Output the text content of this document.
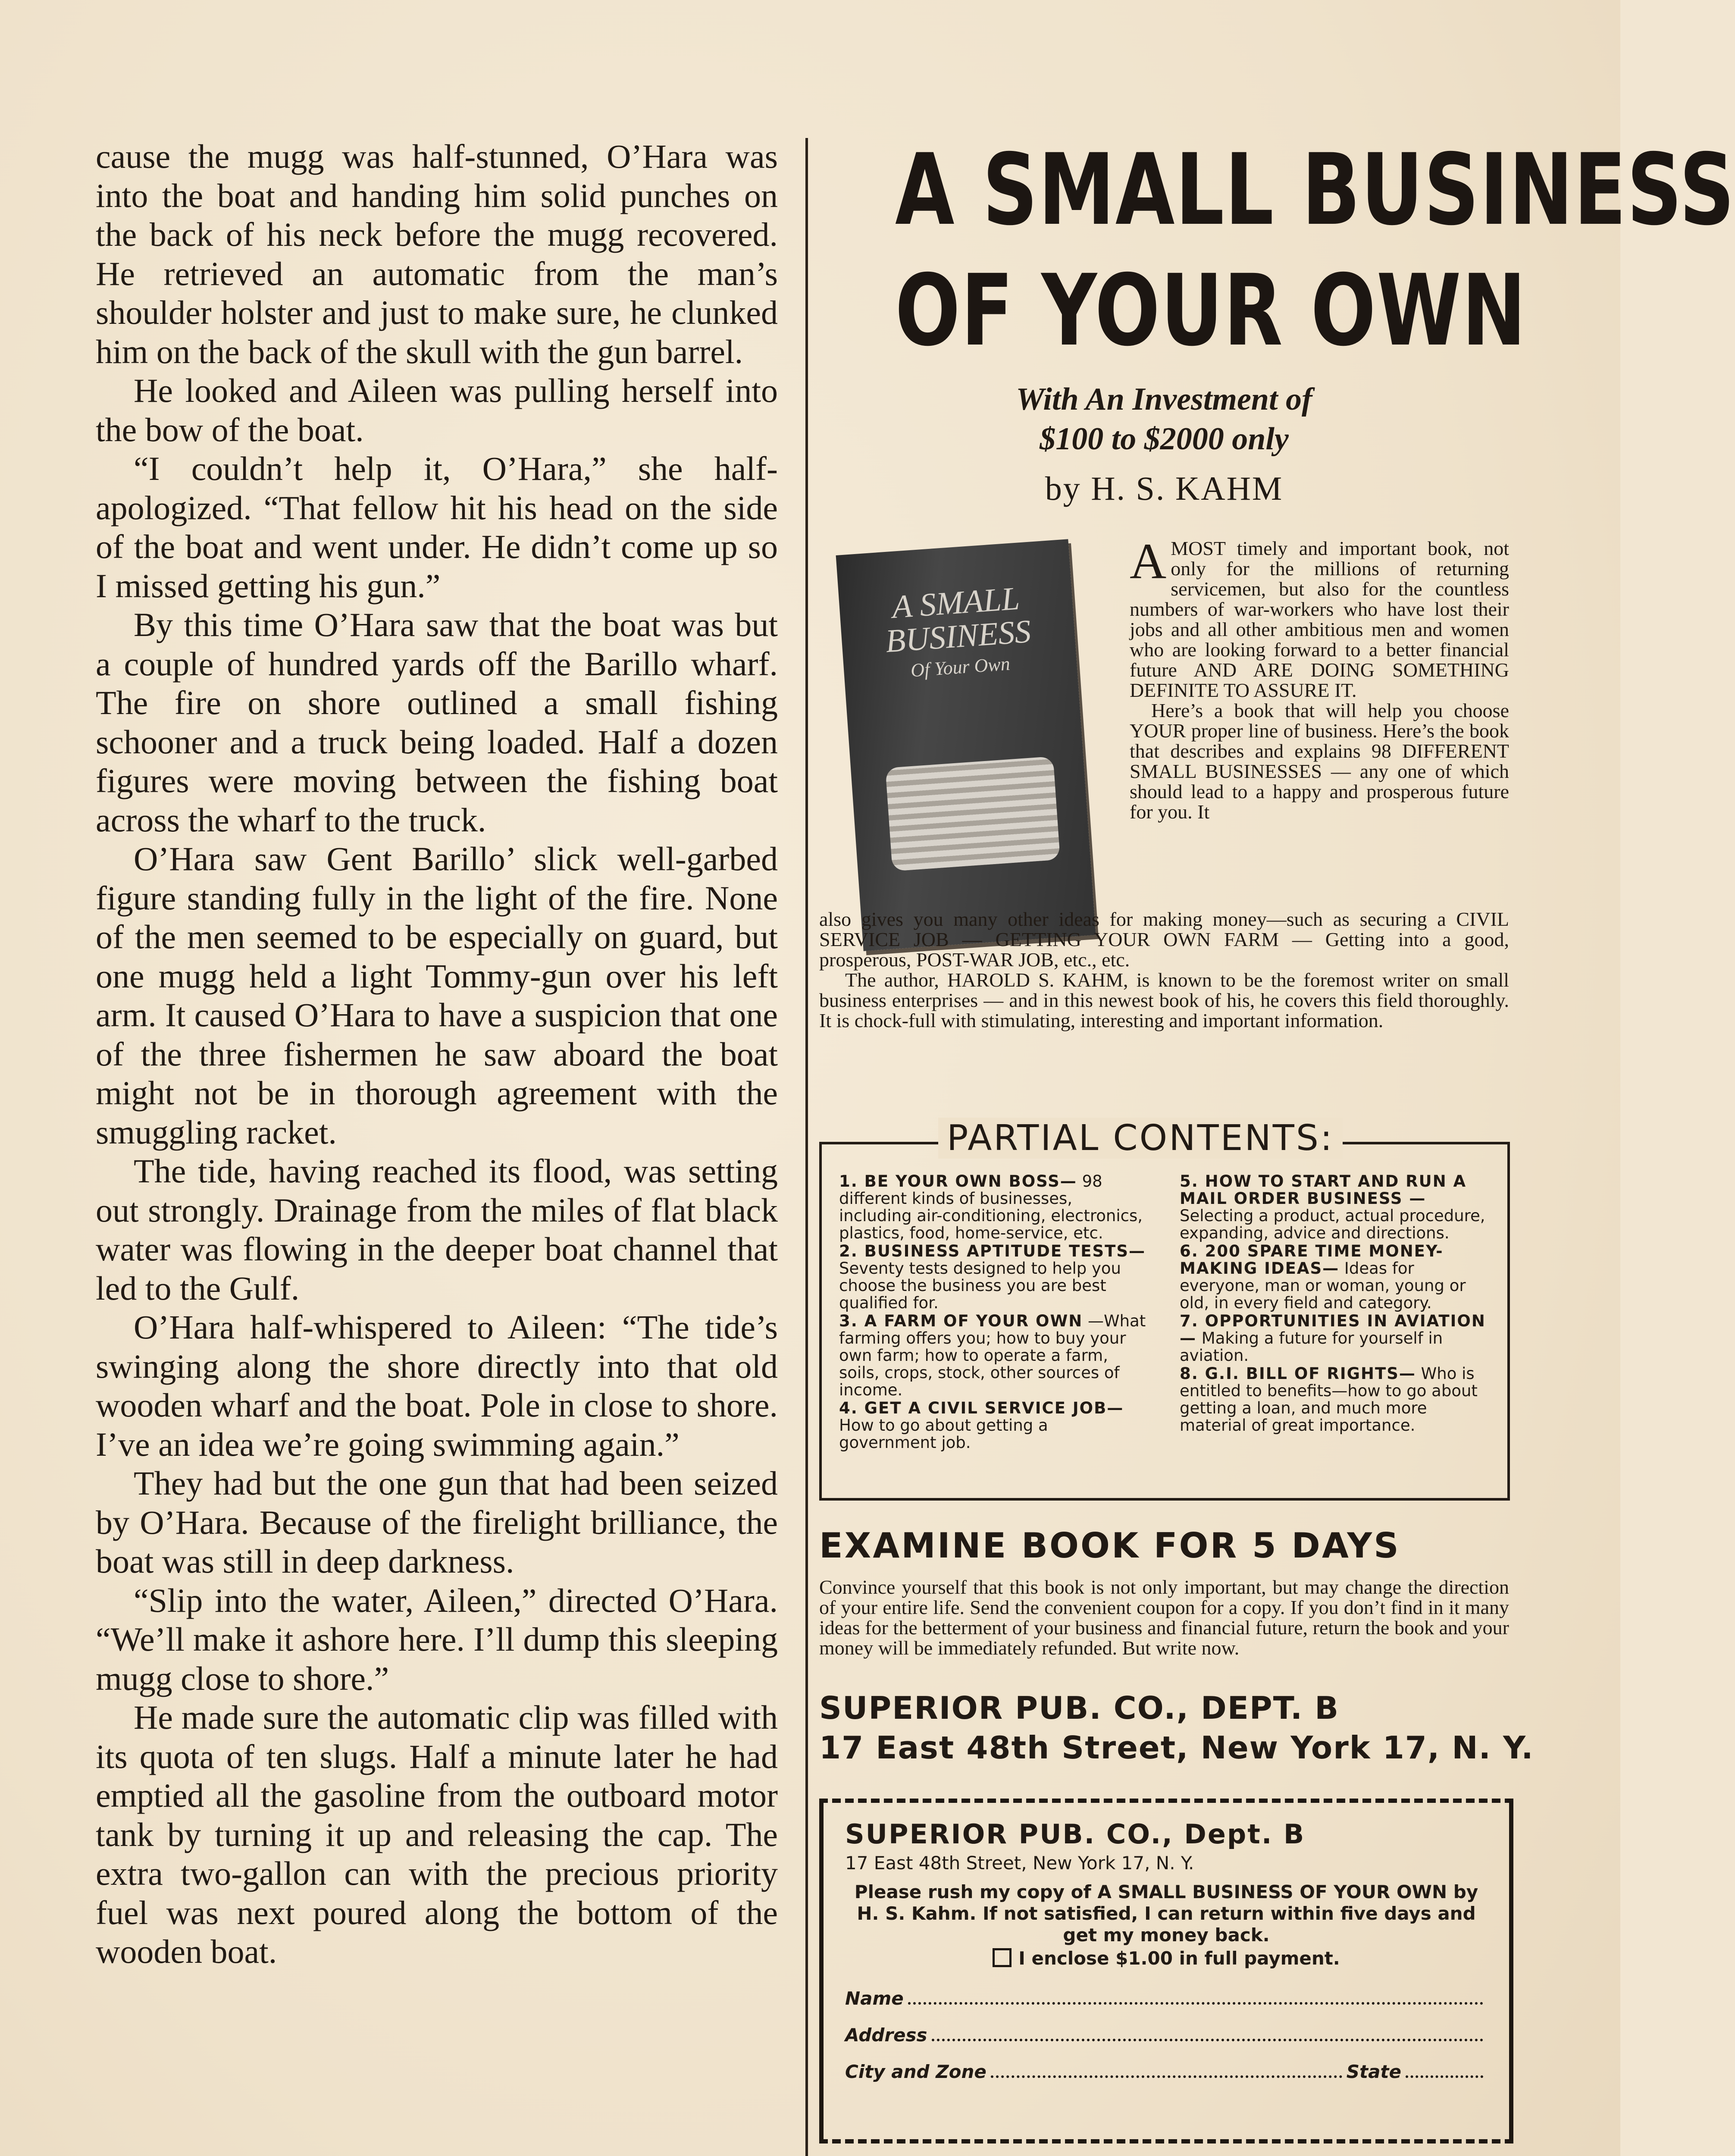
cause the mugg was half-stunned, O’Hara was into the boat and handing him solid punches on the back of his neck before the mugg recovered. He retrieved an automatic from the man’s shoulder holster and just to make sure, he clunked him on the back of the skull with the gun barrel.

He looked and Aileen was pulling herself into the bow of the boat.

“I couldn’t help it, O’Hara,” she half-apologized. “That fellow hit his head on the side of the boat and went under. He didn’t come up so I missed getting his gun.”

By this time O’Hara saw that the boat was but a couple of hundred yards off the Barillo wharf. The fire on shore outlined a small fishing schooner and a truck being loaded. Half a dozen figures were moving between the fishing boat across the wharf to the truck.

O’Hara saw Gent Barillo’ slick well-garbed figure standing fully in the light of the fire. None of the men seemed to be especially on guard, but one mugg held a light Tommy-gun over his left arm. It caused O’Hara to have a suspicion that one of the three fishermen he saw aboard the boat might not be in thorough agreement with the smuggling racket.

The tide, having reached its flood, was setting out strongly. Drainage from the miles of flat black water was flowing in the deeper boat channel that led to the Gulf.

O’Hara half-whispered to Aileen: “The tide’s swinging along the shore directly into that old wooden wharf and the boat. Pole in close to shore. I’ve an idea we’re going swimming again.”

They had but the one gun that had been seized by O’Hara. Because of the firelight brilliance, the boat was still in deep darkness.

“Slip into the water, Aileen,” directed O’Hara. “We’ll make it ashore here. I’ll dump this sleeping mugg close to shore.”

He made sure the automatic clip was filled with its quota of ten slugs. Half a minute later he had emptied all the gasoline from the outboard motor tank by turning it up and releasing the cap. The extra two-gallon can with the precious priority fuel was next poured along the bottom of the wooden boat.

A SMALL BUSINESS
OF YOUR OWN
With An Investment of
$100 to $2000 only
by H. S. KAHM
A SMALL BUSINESS
Of Your Own
A MOST timely and important book, not only for the millions of returning servicemen, but also for the countless numbers of war-workers who have lost their jobs and all other ambitious men and women who are looking forward to a better financial future AND ARE DOING SOMETHING DEFINITE TO ASSURE IT.
Here’s a book that will help you choose YOUR proper line of business. Here’s the book that describes and explains 98 DIFFERENT SMALL BUSINESSES — any one of which should lead to a happy and prosperous future for you. It

also gives you many other ideas for making money—such as securing a CIVIL SERVICE JOB — GETTING YOUR OWN FARM — Getting into a good, prosperous, POST-WAR JOB, etc., etc.

The author, HAROLD S. KAHM, is known to be the foremost writer on small business enterprises — and in this newest book of his, he covers this field thoroughly. It is chock-full with stimulating, interesting and important information.

PARTIAL CONTENTS:
1. BE YOUR OWN BOSS— 98 different kinds of businesses, including air-conditioning, electronics, plastics, food, home-service, etc.
2. BUSINESS APTITUDE TESTS— Seventy tests designed to help you choose the business you are best qualified for.
3. A FARM OF YOUR OWN —What farming offers you; how to buy your own farm; how to operate a farm, soils, crops, stock, other sources of income.
4. GET A CIVIL SERVICE JOB— How to go about getting a government job.
5. HOW TO START AND RUN A MAIL ORDER BUSINESS — Selecting a product, actual procedure, expanding, advice and directions.
6. 200 SPARE TIME MONEY-MAKING IDEAS— Ideas for everyone, man or woman, young or old, in every field and category.
7. OPPORTUNITIES IN AVIATION— Making a future for yourself in aviation.
8. G.I. BILL OF RIGHTS— Who is entitled to benefits—how to go about getting a loan, and much more material of great importance.
EXAMINE BOOK FOR 5 DAYS
Convince yourself that this book is not only important, but may change the direction of your entire life. Send the convenient coupon for a copy. If you don’t find in it many ideas for the betterment of your business and financial future, return the book and your money will be immediately refunded. But write now.
SUPERIOR PUB. CO., DEPT. B
17 East 48th Street, New York 17, N. Y.
SUPERIOR PUB. CO., Dept. B
17 East 48th Street, New York 17, N. Y.
Please rush my copy of A SMALL BUSINESS OF YOUR OWN by H. S. Kahm. If not satisfied, I can return within five days and get my money back.
I enclose $1.00 in full payment.
Name
Address
City and Zone	State
